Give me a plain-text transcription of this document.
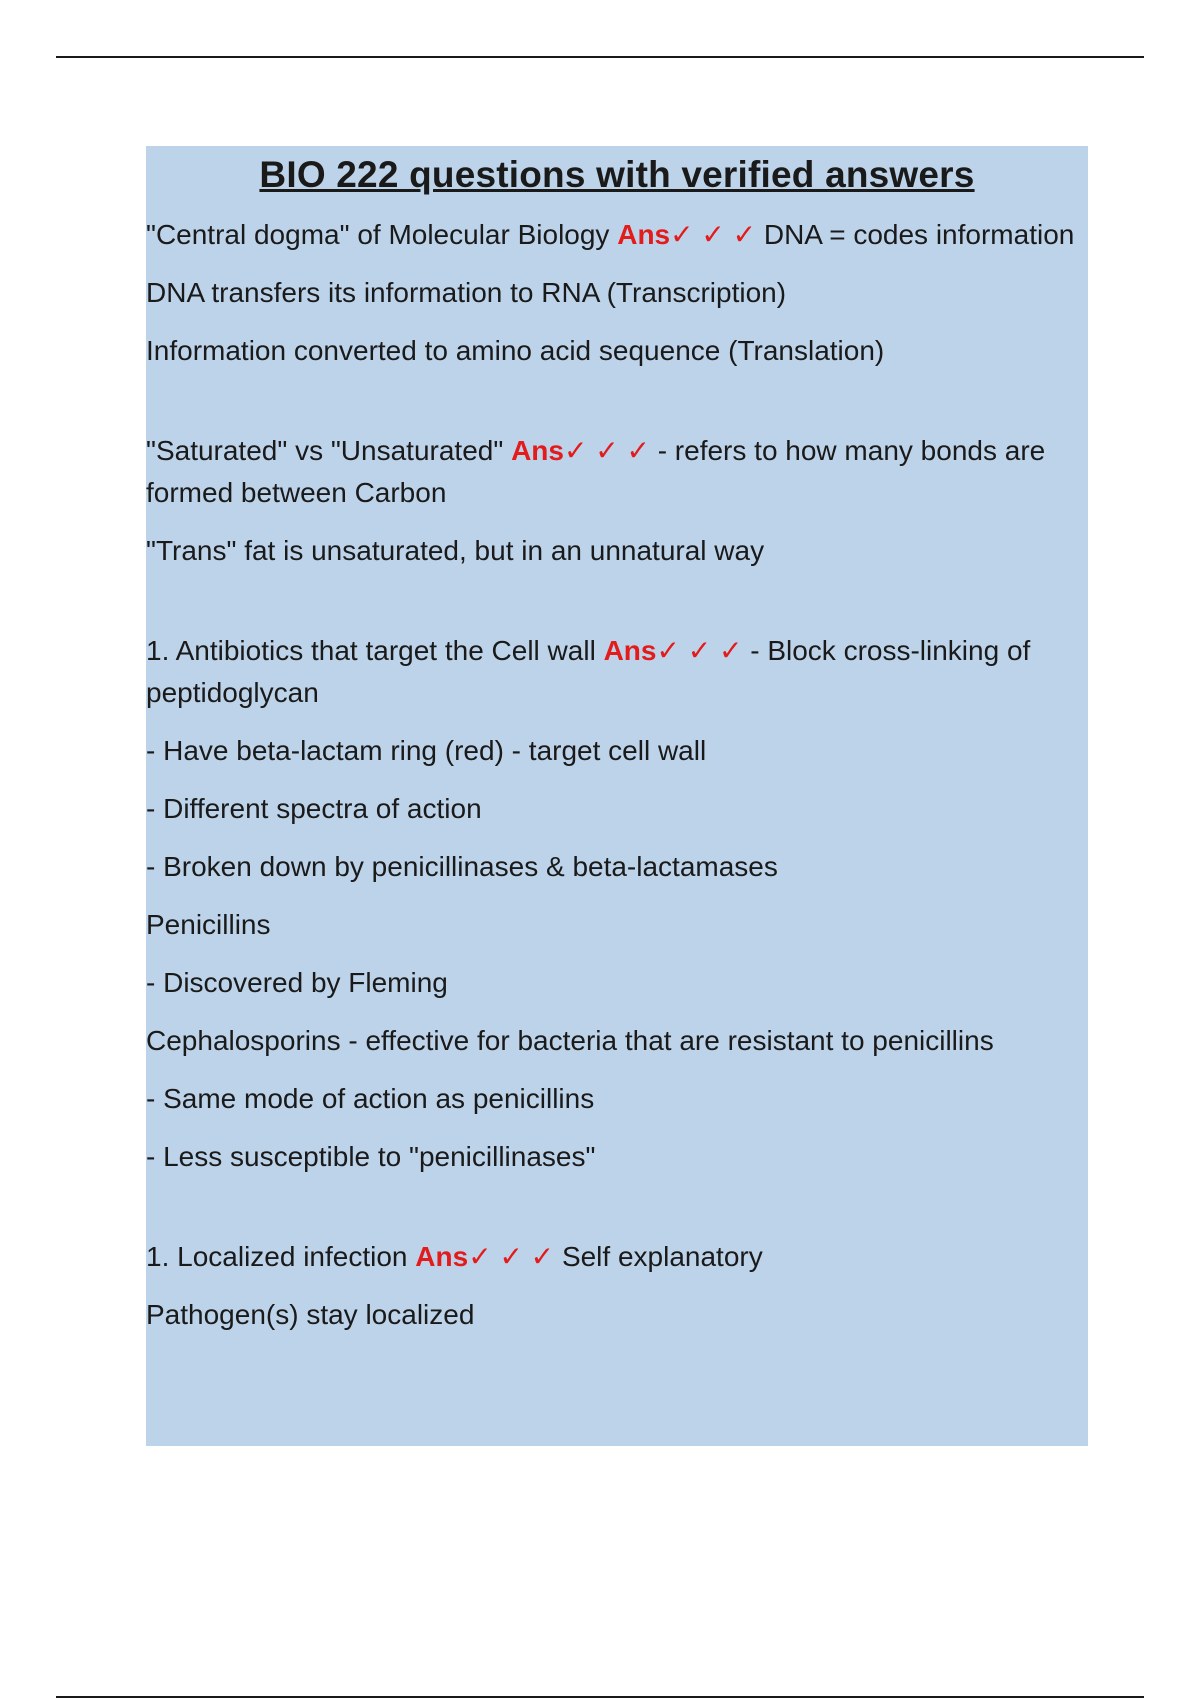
BIO 222 questions with verified answers
"Central dogma" of Molecular Biology Ans✓ ✓ ✓ DNA = codes information
DNA transfers its information to RNA (Transcription)
Information converted to amino acid sequence (Translation)
"Saturated" vs "Unsaturated" Ans✓ ✓ ✓ - refers to how many bonds are formed between Carbon
"Trans" fat is unsaturated, but in an unnatural way
1. Antibiotics that target the Cell wall Ans✓ ✓ ✓ - Block cross-linking of peptidoglycan
- Have beta-lactam ring (red) - target cell wall
- Different spectra of action
- Broken down by penicillinases & beta-lactamases
Penicillins
- Discovered by Fleming
Cephalosporins - effective for bacteria that are resistant to penicillins
- Same mode of action as penicillins
- Less susceptible to "penicillinases"
1. Localized infection Ans✓ ✓ ✓ Self explanatory
Pathogen(s) stay localized
